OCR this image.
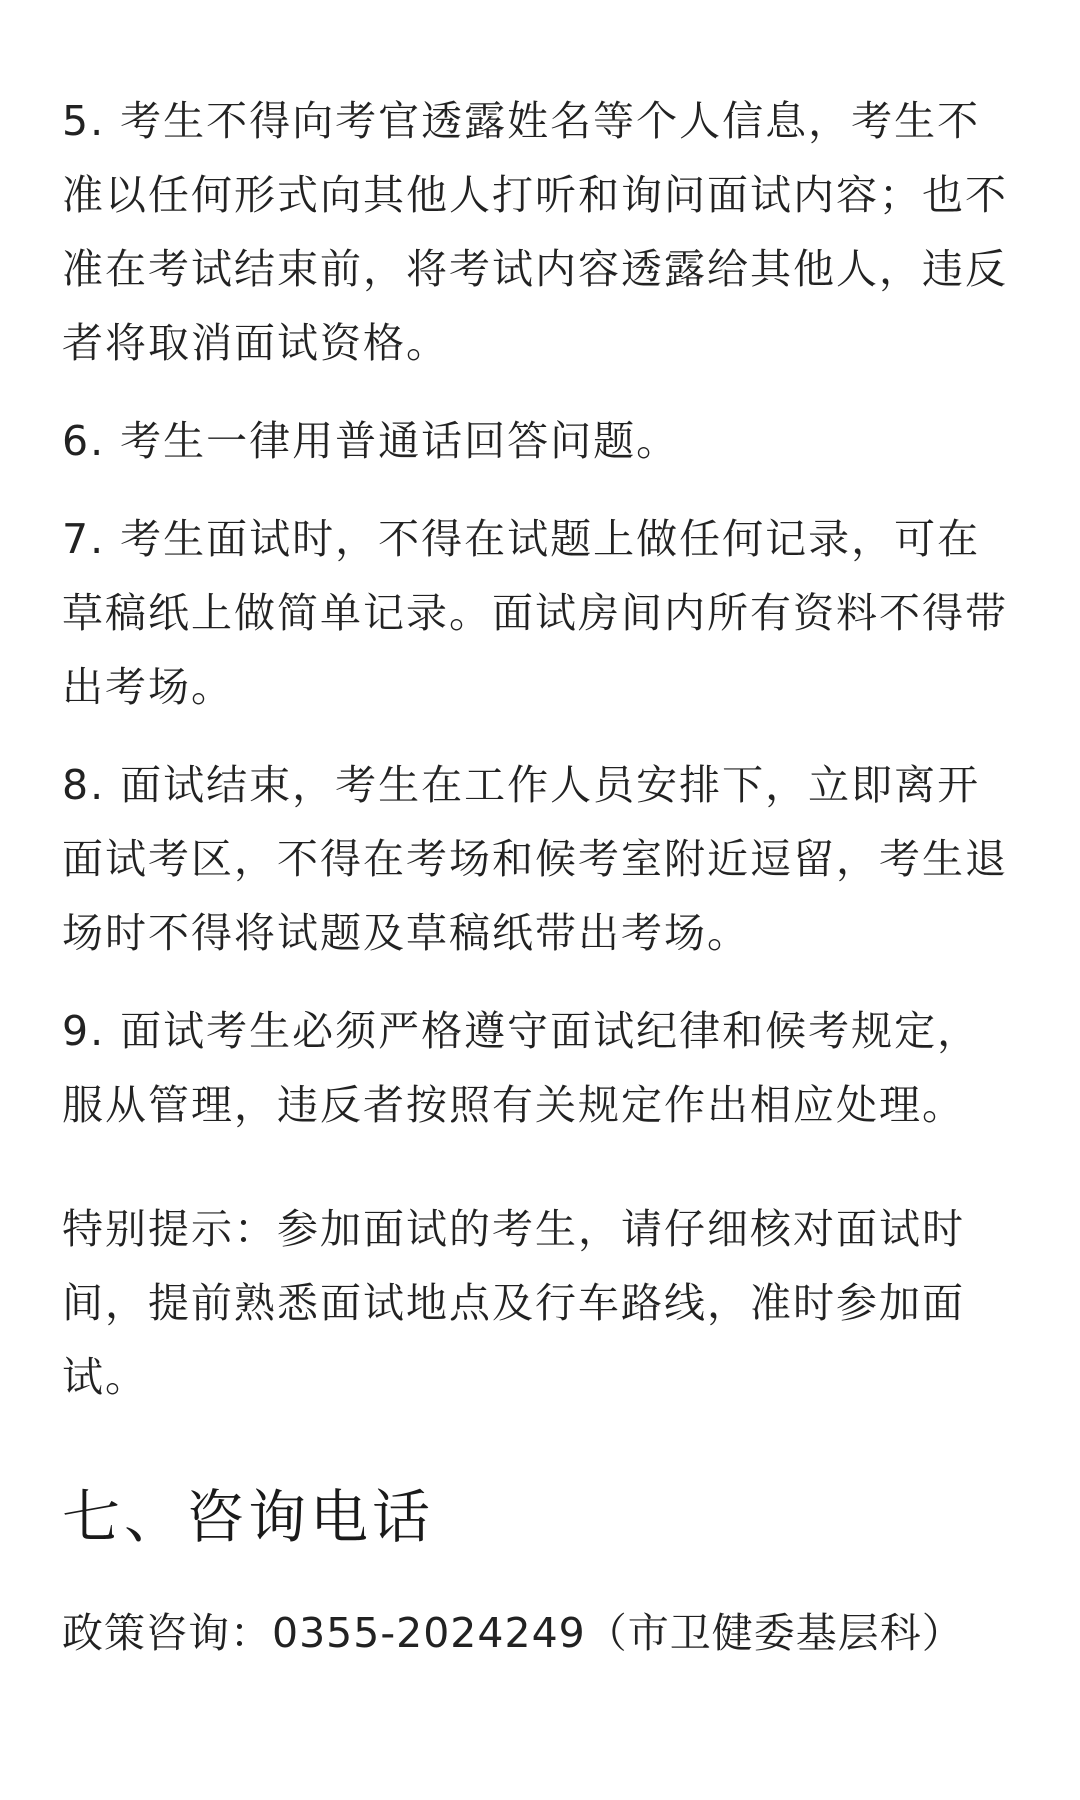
5. 考生不得向考官透露姓名等个人信息，考生不准以任何形式向其他人打听和询问面试内容；也不准在考试结束前，将考试内容透露给其他人，违反者将取消面试资格。

6. 考生一律用普通话回答问题。

7. 考生面试时，不得在试题上做任何记录，可在草稿纸上做简单记录。面试房间内所有资料不得带出考场。

8. 面试结束，考生在工作人员安排下，立即离开面试考区，不得在考场和候考室附近逗留，考生退场时不得将试题及草稿纸带出考场。

9. 面试考生必须严格遵守面试纪律和候考规定，服从管理，违反者按照有关规定作出相应处理。

特别提示：参加面试的考生，请仔细核对面试时间，提前熟悉面试地点及行车路线，准时参加面试。

七、咨询电话

政策咨询：0355-2024249（市卫健委基层科）
